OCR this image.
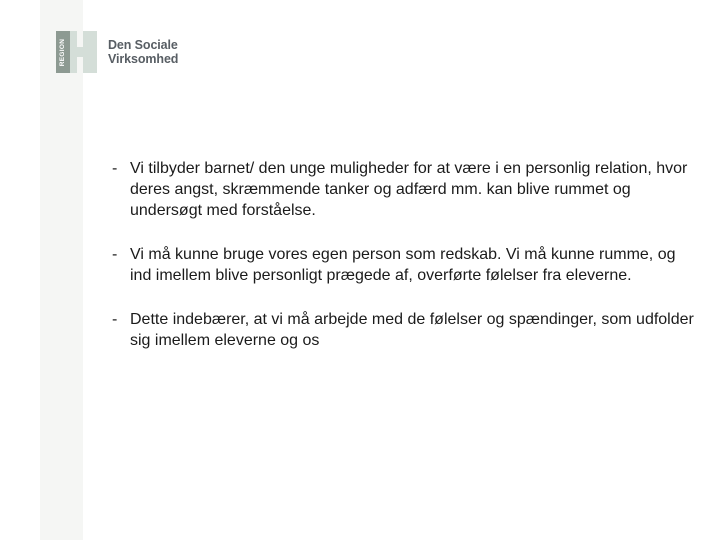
REGION	Den Sociale
Virksomhed
- Vi tilbyder barnet/ den unge muligheder for at være i en personlig relation, hvor deres angst, skræmmende tanker og adfærd mm. kan blive rummet og undersøgt med forståelse.
- Vi må kunne bruge vores egen person som redskab. Vi må kunne rumme, og ind imellem blive personligt prægede af, overførte følelser fra eleverne.
- Dette indebærer, at vi må arbejde med de følelser og spændinger, som udfolder sig imellem eleverne og os
